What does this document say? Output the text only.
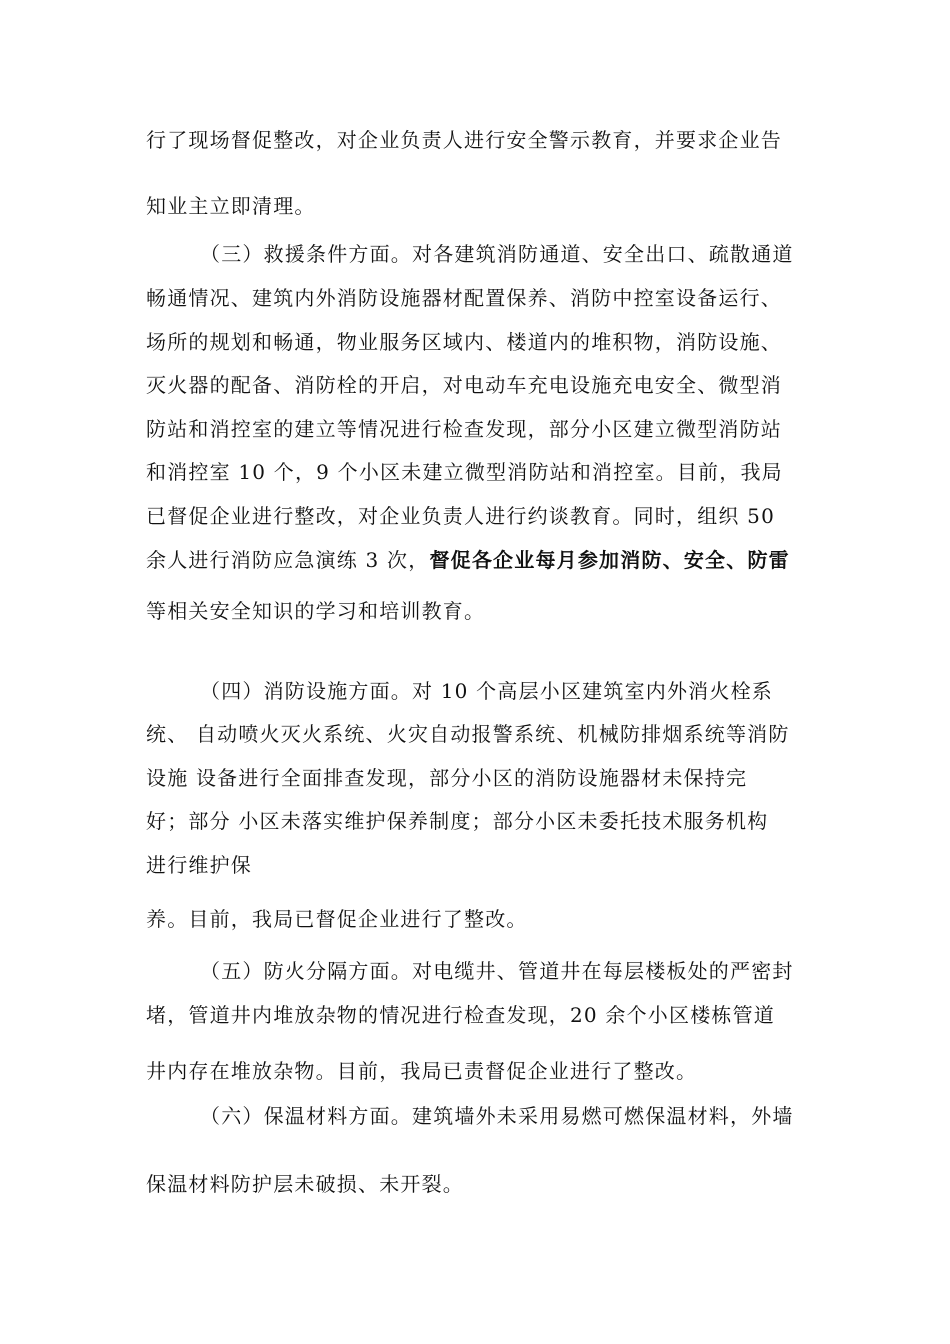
行了现场督促整改，对企业负责人进行安全警示教育，并要求企业告
知业主立即清理。
（三）救援条件方面。对各建筑消防通道、安全出口、疏散通道
畅通情况、建筑内外消防设施器材配置保养、消防中控室设备运行、
场所的规划和畅通，物业服务区域内、楼道内的堆积物，消防设施、
灭火器的配备、消防栓的开启，对电动车充电设施充电安全、微型消
防站和消控室的建立等情况进行检查发现，部分小区建立微型消防站
和消控室 10 个，9 个小区未建立微型消防站和消控室。目前，我局
已督促企业进行整改，对企业负责人进行约谈教育。同时，组织 50
余人进行消防应急演练 3 次，督促各企业每月参加消防、安全、防雷
等相关安全知识的学习和培训教育。
（四）消防设施方面。对 10 个高层小区建筑室内外消火栓系
统、 自动喷火灭火系统、火灾自动报警系统、机械防排烟系统等消防
设施 设备进行全面排查发现，部分小区的消防设施器材未保持完
好；部分 小区未落实维护保养制度；部分小区未委托技术服务机构
进行维护保
养。目前，我局已督促企业进行了整改。
（五）防火分隔方面。对电缆井、管道井在每层楼板处的严密封
堵，管道井内堆放杂物的情况进行检查发现，20 余个小区楼栋管道
井内存在堆放杂物。目前，我局已责督促企业进行了整改。
（六）保温材料方面。建筑墙外未采用易燃可燃保温材料，外墙
保温材料防护层未破损、未开裂。
